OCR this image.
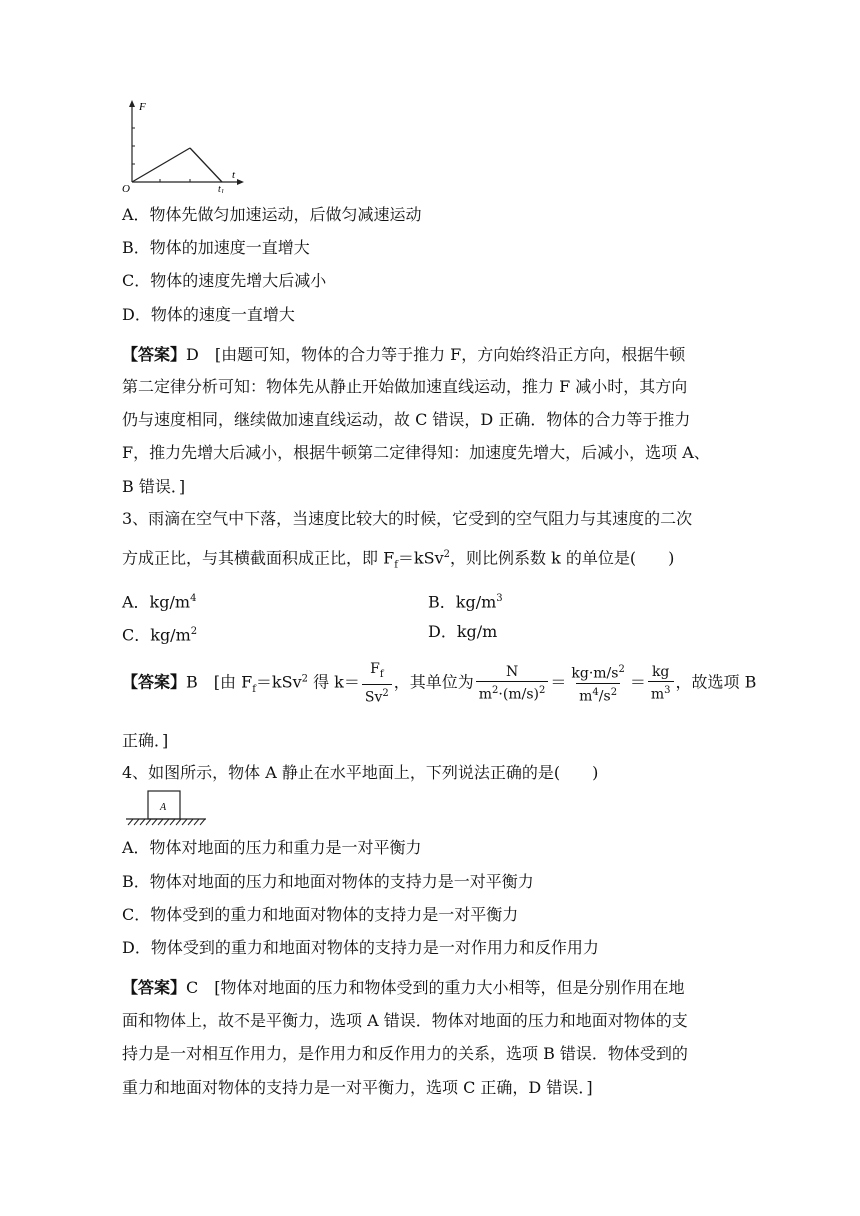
F
t
O	$t_1$
A．物体先做匀加速运动，后做匀减速运动
B．物体的加速度一直增大
C．物体的速度先增大后减小
D．物体的速度一直增大
【答案】D　[由题可知，物体的合力等于推力 F，方向始终沿正方向，根据牛顿
第二定律分析可知：物体先从静止开始做加速直线运动，推力 F 减小时，其方向
仍与速度相同，继续做加速直线运动，故 C 错误，D 正确．物体的合力等于推力
F，推力先增大后减小，根据牛顿第二定律得知：加速度先增大，后减小，选项 A、
B 错误．]
3、雨滴在空气中下落，当速度比较大的时候，它受到的空气阻力与其速度的二次
方成正比，与其横截面积成正比，即 $F_f=kSv^2$，则比例系数 k 的单位是(　　)
A．$kg/m^4$	B．$kg/m^3$
C．$kg/m^2$	D．kg/m
【答案】B　[由 $F_f=kSv^2$ 得 $k= \frac{F_f}{Sv^2}$ ，其单位为 $\frac{N}{m^2\cdot(m/s)^2} = \frac{kg\cdot m/s^2}{m^4/s^2} = \frac{kg}{m^3}$ ，故选项 B
正确．]
4、如图所示，物体 A 静止在水平地面上，下列说法正确的是(　　)
A
A．物体对地面的压力和重力是一对平衡力
B．物体对地面的压力和地面对物体的支持力是一对平衡力
C．物体受到的重力和地面对物体的支持力是一对平衡力
D．物体受到的重力和地面对物体的支持力是一对作用力和反作用力
【答案】C　[物体对地面的压力和物体受到的重力大小相等，但是分别作用在地
面和物体上，故不是平衡力，选项 A 错误．物体对地面的压力和地面对物体的支
持力是一对相互作用力，是作用力和反作用力的关系，选项 B 错误．物体受到的
重力和地面对物体的支持力是一对平衡力，选项 C 正确，D 错误．]
